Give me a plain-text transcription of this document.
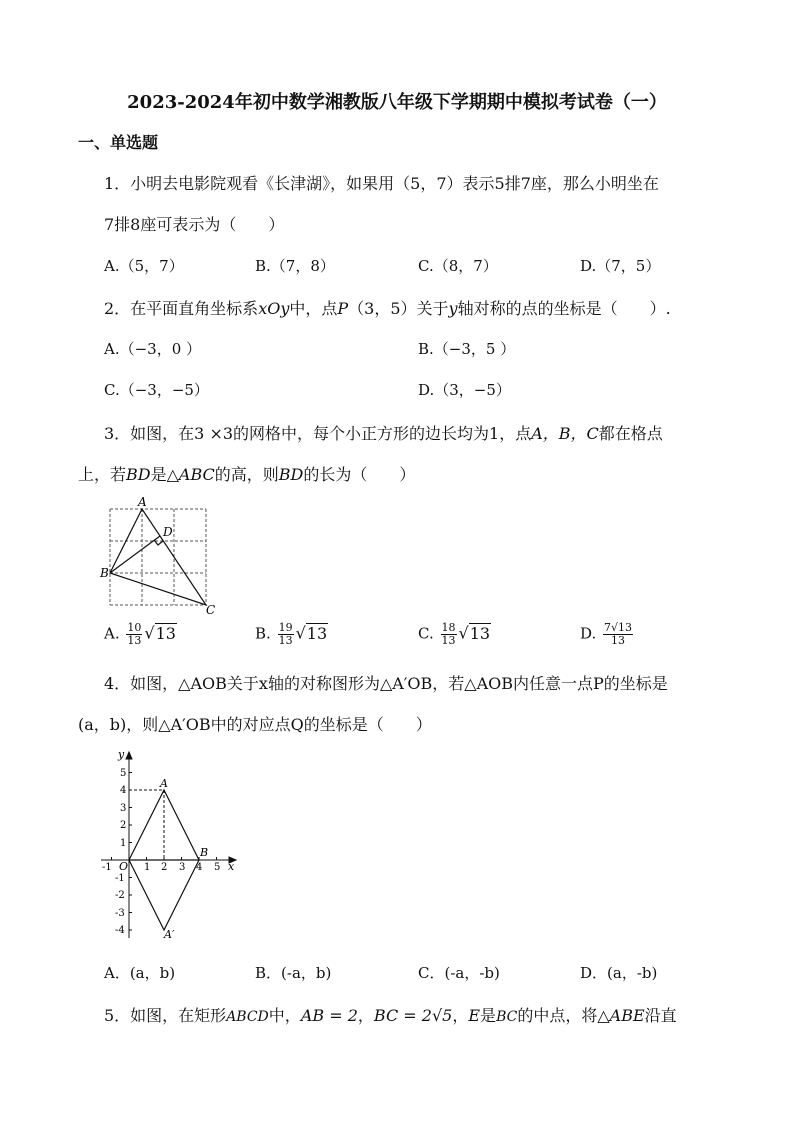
2023-2024年初中数学湘教版八年级下学期期中模拟考试卷（一）
一、单选题
1．小明去电影院观看《长津湖》，如果用（5，7）表示5排7座，那么小明坐在
7排8座可表示为（　　）
A.（5，7）	B.（7，8）	C.（8，7）	D.（7，5）
2．在平面直角坐标系xOy中，点P（3，5）关于y轴对称的点的坐标是（　　）.
A.（−3，0 ）	B.（−3，5 ）
C.（−3，−5）	D.（3，−5）
3．如图，在3 ×3的网格中，每个小正方形的边长均为1，点A，B，C都在格点
上，若BD是△ABC的高，则BD的长为（　　）
A
B
C
D
A. $\frac{10}{13} √13$	B. $\frac{19}{13} √13$	C. $\frac{18}{13} √13$	D. $\frac{7√13}{13}$
4．如图，△AOB关于x轴的对称图形为△A′OB，若△AOB内任意一点P的坐标是
(a，b)，则△A′OB中的对应点Q的坐标是（　　）
y
x
O
A
B
A′
5
4
3
2
1
-1
-2
-3
-4
-1	1 2 3 4 5
A．(a，b)	B．(-a，b)	C．(-a，-b)	D．(a，-b)
5．如图，在矩形ABCD中，AB = 2，BC = 2√5，E是BC的中点，将△ABE沿直
